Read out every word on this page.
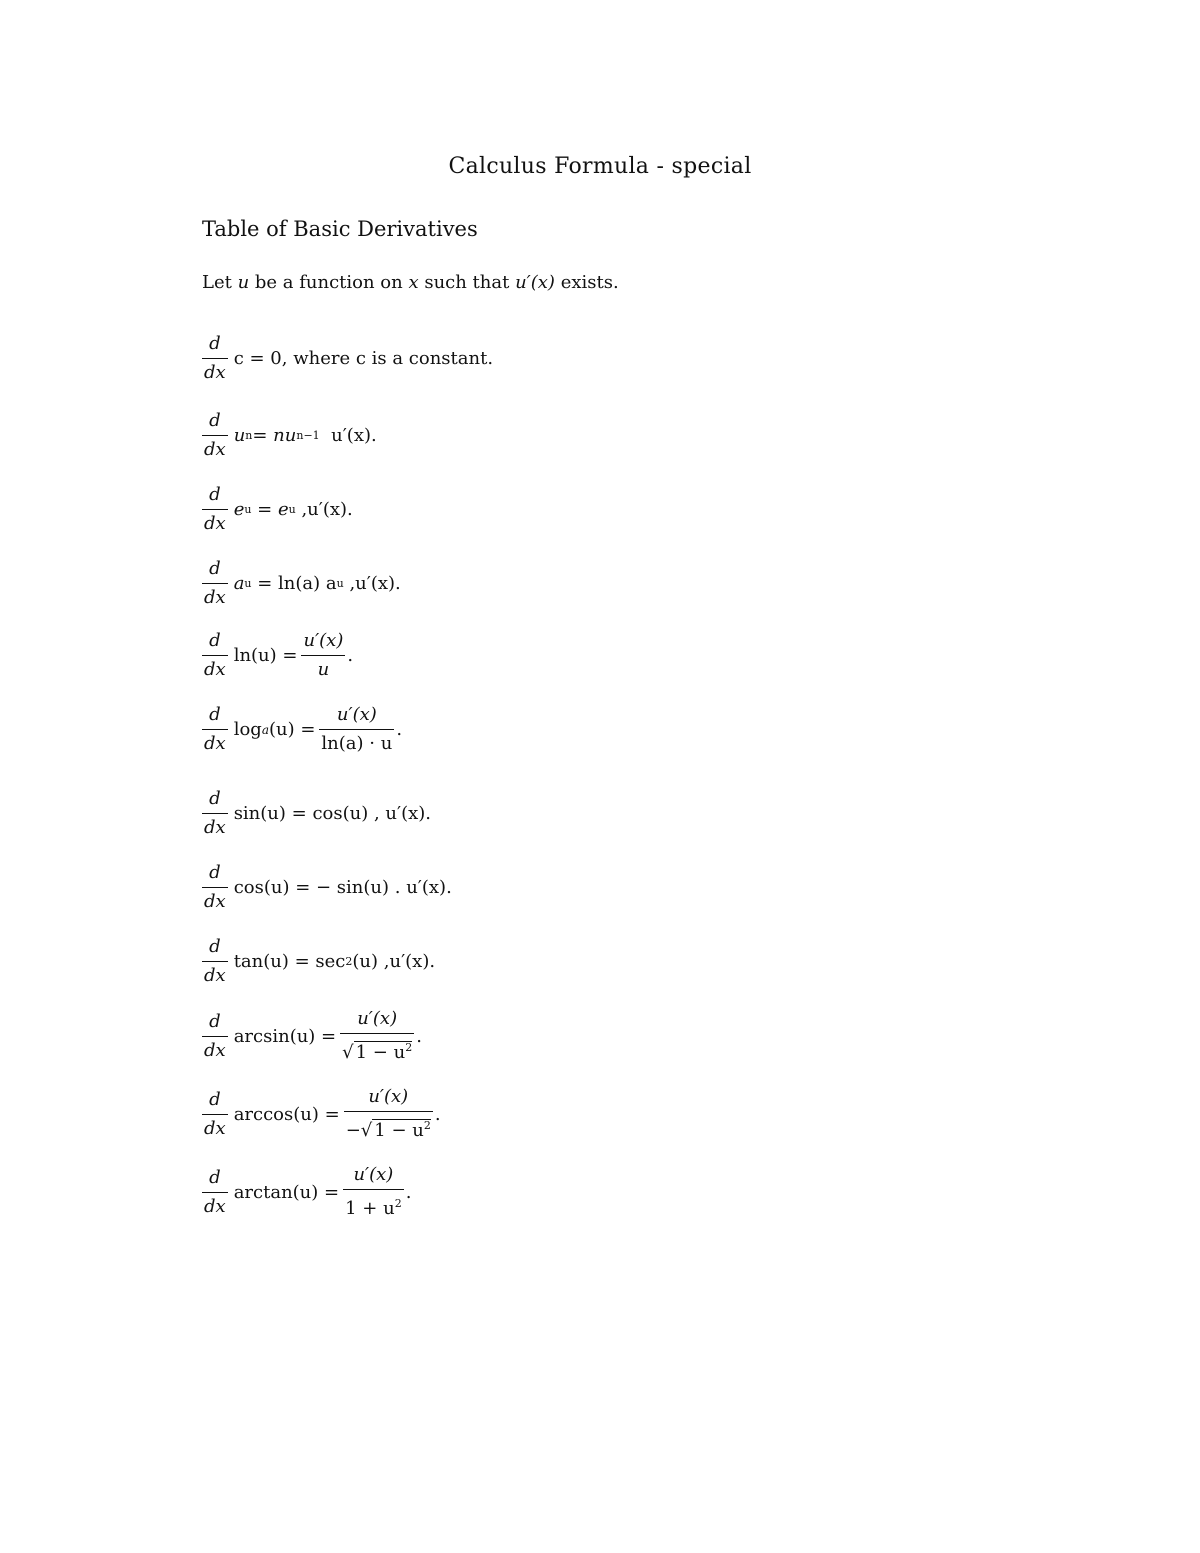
Calculus Formula - special
Table of Basic Derivatives
Let u be a function on x such that u′(x) exists.
$\frac{d}{dx}$ c = 0, where c is a constant.
$\frac{d}{dx}$ u n = nu n−1 u′(x).
$\frac{d}{dx}$ e u = e u ,u′(x).
$\frac{d}{dx}$ a u = ln(a) a u ,u′(x).
$\frac{d}{dx} \ln(u) = \frac{u'(x)}{u}$ .
$\frac{d}{dx}$ log a $(u) = \frac{u'(x)}{\ln(a) \cdot u}$ .
$\frac{d}{dx} \sin(u) = \cos(u)$ , u′(x).
$\frac{d}{dx} \cos(u)$ = − sin(u) . u′(x).
$\frac{d}{dx} \tan(u) = \sec 2$ (u) ,u′(x).
$\frac{d}{dx} \arcsin(u) = \frac{u'(x)}{√ 1 - u^2}$ .
$\frac{d}{dx} \arccos(u) = \frac{u'(x)}{-√ 1 - u^2}$ .
$\frac{d}{dx} \arctan(u) = \frac{u'(x)}{1 + u^2}$ .
